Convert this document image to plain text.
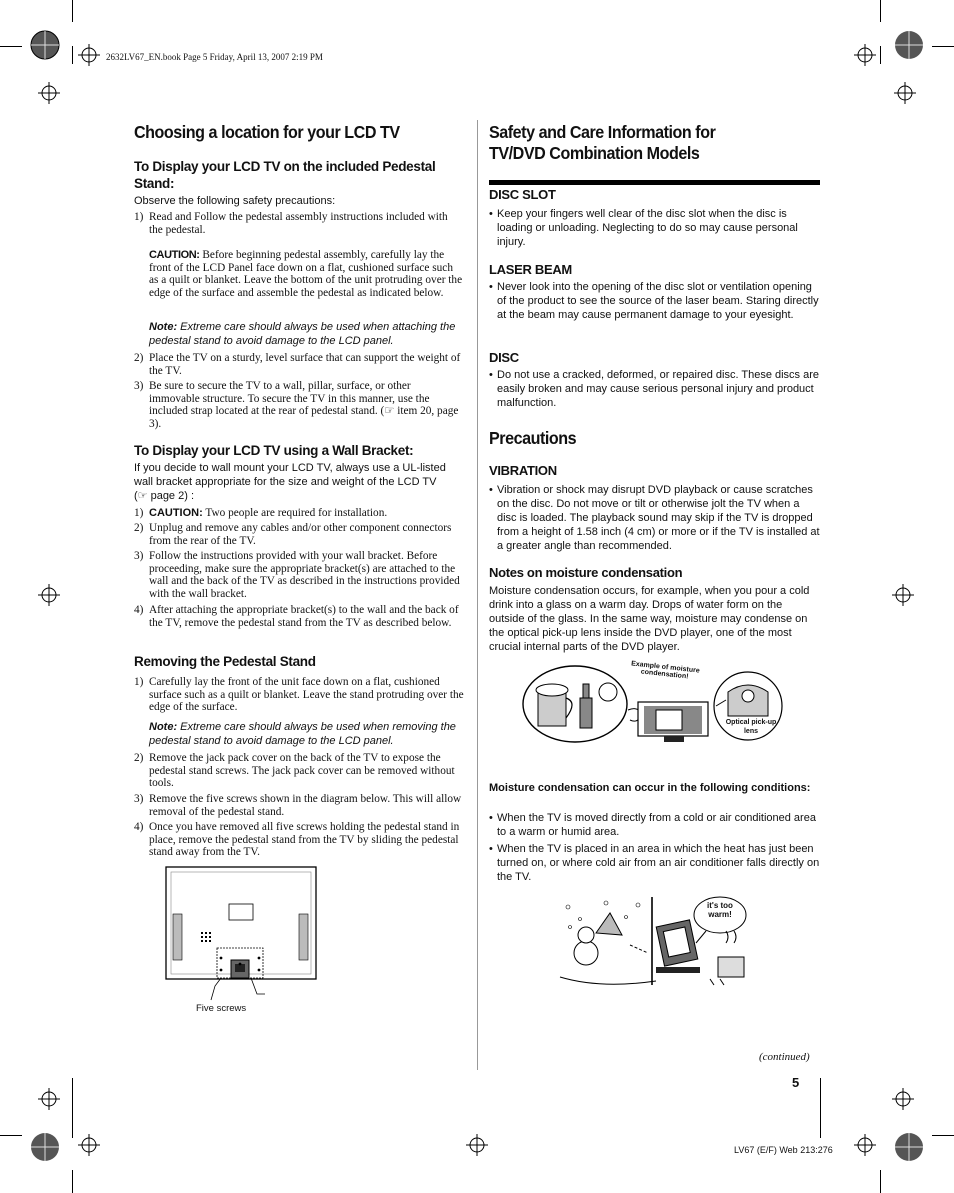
2632LV67_EN.book Page 5 Friday, April 13, 2007 2:19 PM
Choosing a location for your LCD TV
To Display your LCD TV on the included Pedestal Stand:
Observe the following safety precautions:
1) Read and Follow the pedestal assembly instructions included with the pedestal.
CAUTION: Before beginning pedestal assembly, carefully lay the front of the LCD Panel face down on a flat, cushioned surface such as a quilt or blanket. Leave the bottom of the unit protruding over the edge of the surface and assemble the pedestal as indicated below.
Note: Extreme care should always be used when attaching the pedestal stand to avoid damage to the LCD panel.
2) Place the TV on a sturdy, level surface that can support the weight of the TV.
3) Be sure to secure the TV to a wall, pillar, surface, or other immovable structure. To secure the TV in this manner, use the included strap located at the rear of pedestal stand. (☞ item 20, page 3).
To Display your LCD TV using a Wall Bracket:
If you decide to wall mount your LCD TV, always use a UL-listed wall bracket appropriate for the size and weight of the LCD TV (☞ page 2) :
1) CAUTION: Two people are required for installation.
2) Unplug and remove any cables and/or other component connectors from the rear of the TV.
3) Follow the instructions provided with your wall bracket. Before proceeding, make sure the appropriate bracket(s) are attached to the wall and the back of the TV as described in the instructions provided with the wall bracket.
4) After attaching the appropriate bracket(s) to the wall and the back of the TV, remove the pedestal stand from the TV as described below.
Removing the Pedestal Stand
1) Carefully lay the front of the unit face down on a flat, cushioned surface such as a quilt or blanket. Leave the stand protruding over the edge of the surface.
Note: Extreme care should always be used when removing the pedestal stand to avoid damage to the LCD panel.
2) Remove the jack pack cover on the back of the TV to expose the pedestal stand screws. The jack pack cover can be removed without tools.
3) Remove the five screws shown in the diagram below. This will allow removal of the pedestal stand.
4) Once you have removed all five screws holding the pedestal stand in place, remove the pedestal stand from the TV by sliding the pedestal stand away from the TV.
Five screws
Safety and Care Information for
TV/DVD Combination Models
DISC SLOT
• Keep your fingers well clear of the disc slot when the disc is loading or unloading. Neglecting to do so may cause personal injury.
LASER BEAM
• Never look into the opening of the disc slot or ventilation opening of the product to see the source of the laser beam. Staring directly at the beam may cause permanent damage to your eyesight.
DISC
• Do not use a cracked, deformed, or repaired disc. These discs are easily broken and may cause serious personal injury and product malfunction.
Precautions
VIBRATION
• Vibration or shock may disrupt DVD playback or cause scratches on the disc. Do not move or tilt or otherwise jolt the TV when a disc is loaded. The playback sound may skip if the TV is dropped from a height of 1.58 inch (4 cm) or more or if the TV is installed at a greater angle than recommended.
Notes on moisture condensation
Moisture condensation occurs, for example, when you pour a cold drink into a glass on a warm day. Drops of water form on the outside of the glass. In the same way, moisture may condense on the optical pick-up lens inside the DVD player, one of the most crucial internal parts of the DVD player.
Example of moisture condensation!
Optical pick-up lens
Moisture condensation can occur in the following conditions:
• When the TV is moved directly from a cold or air conditioned area to a warm or humid area.
• When the TV is placed in an area in which the heat has just been turned on, or where cold air from an air conditioner falls directly on the TV.
it's too warm!
(continued)
5
LV67 (E/F) Web 213:276
